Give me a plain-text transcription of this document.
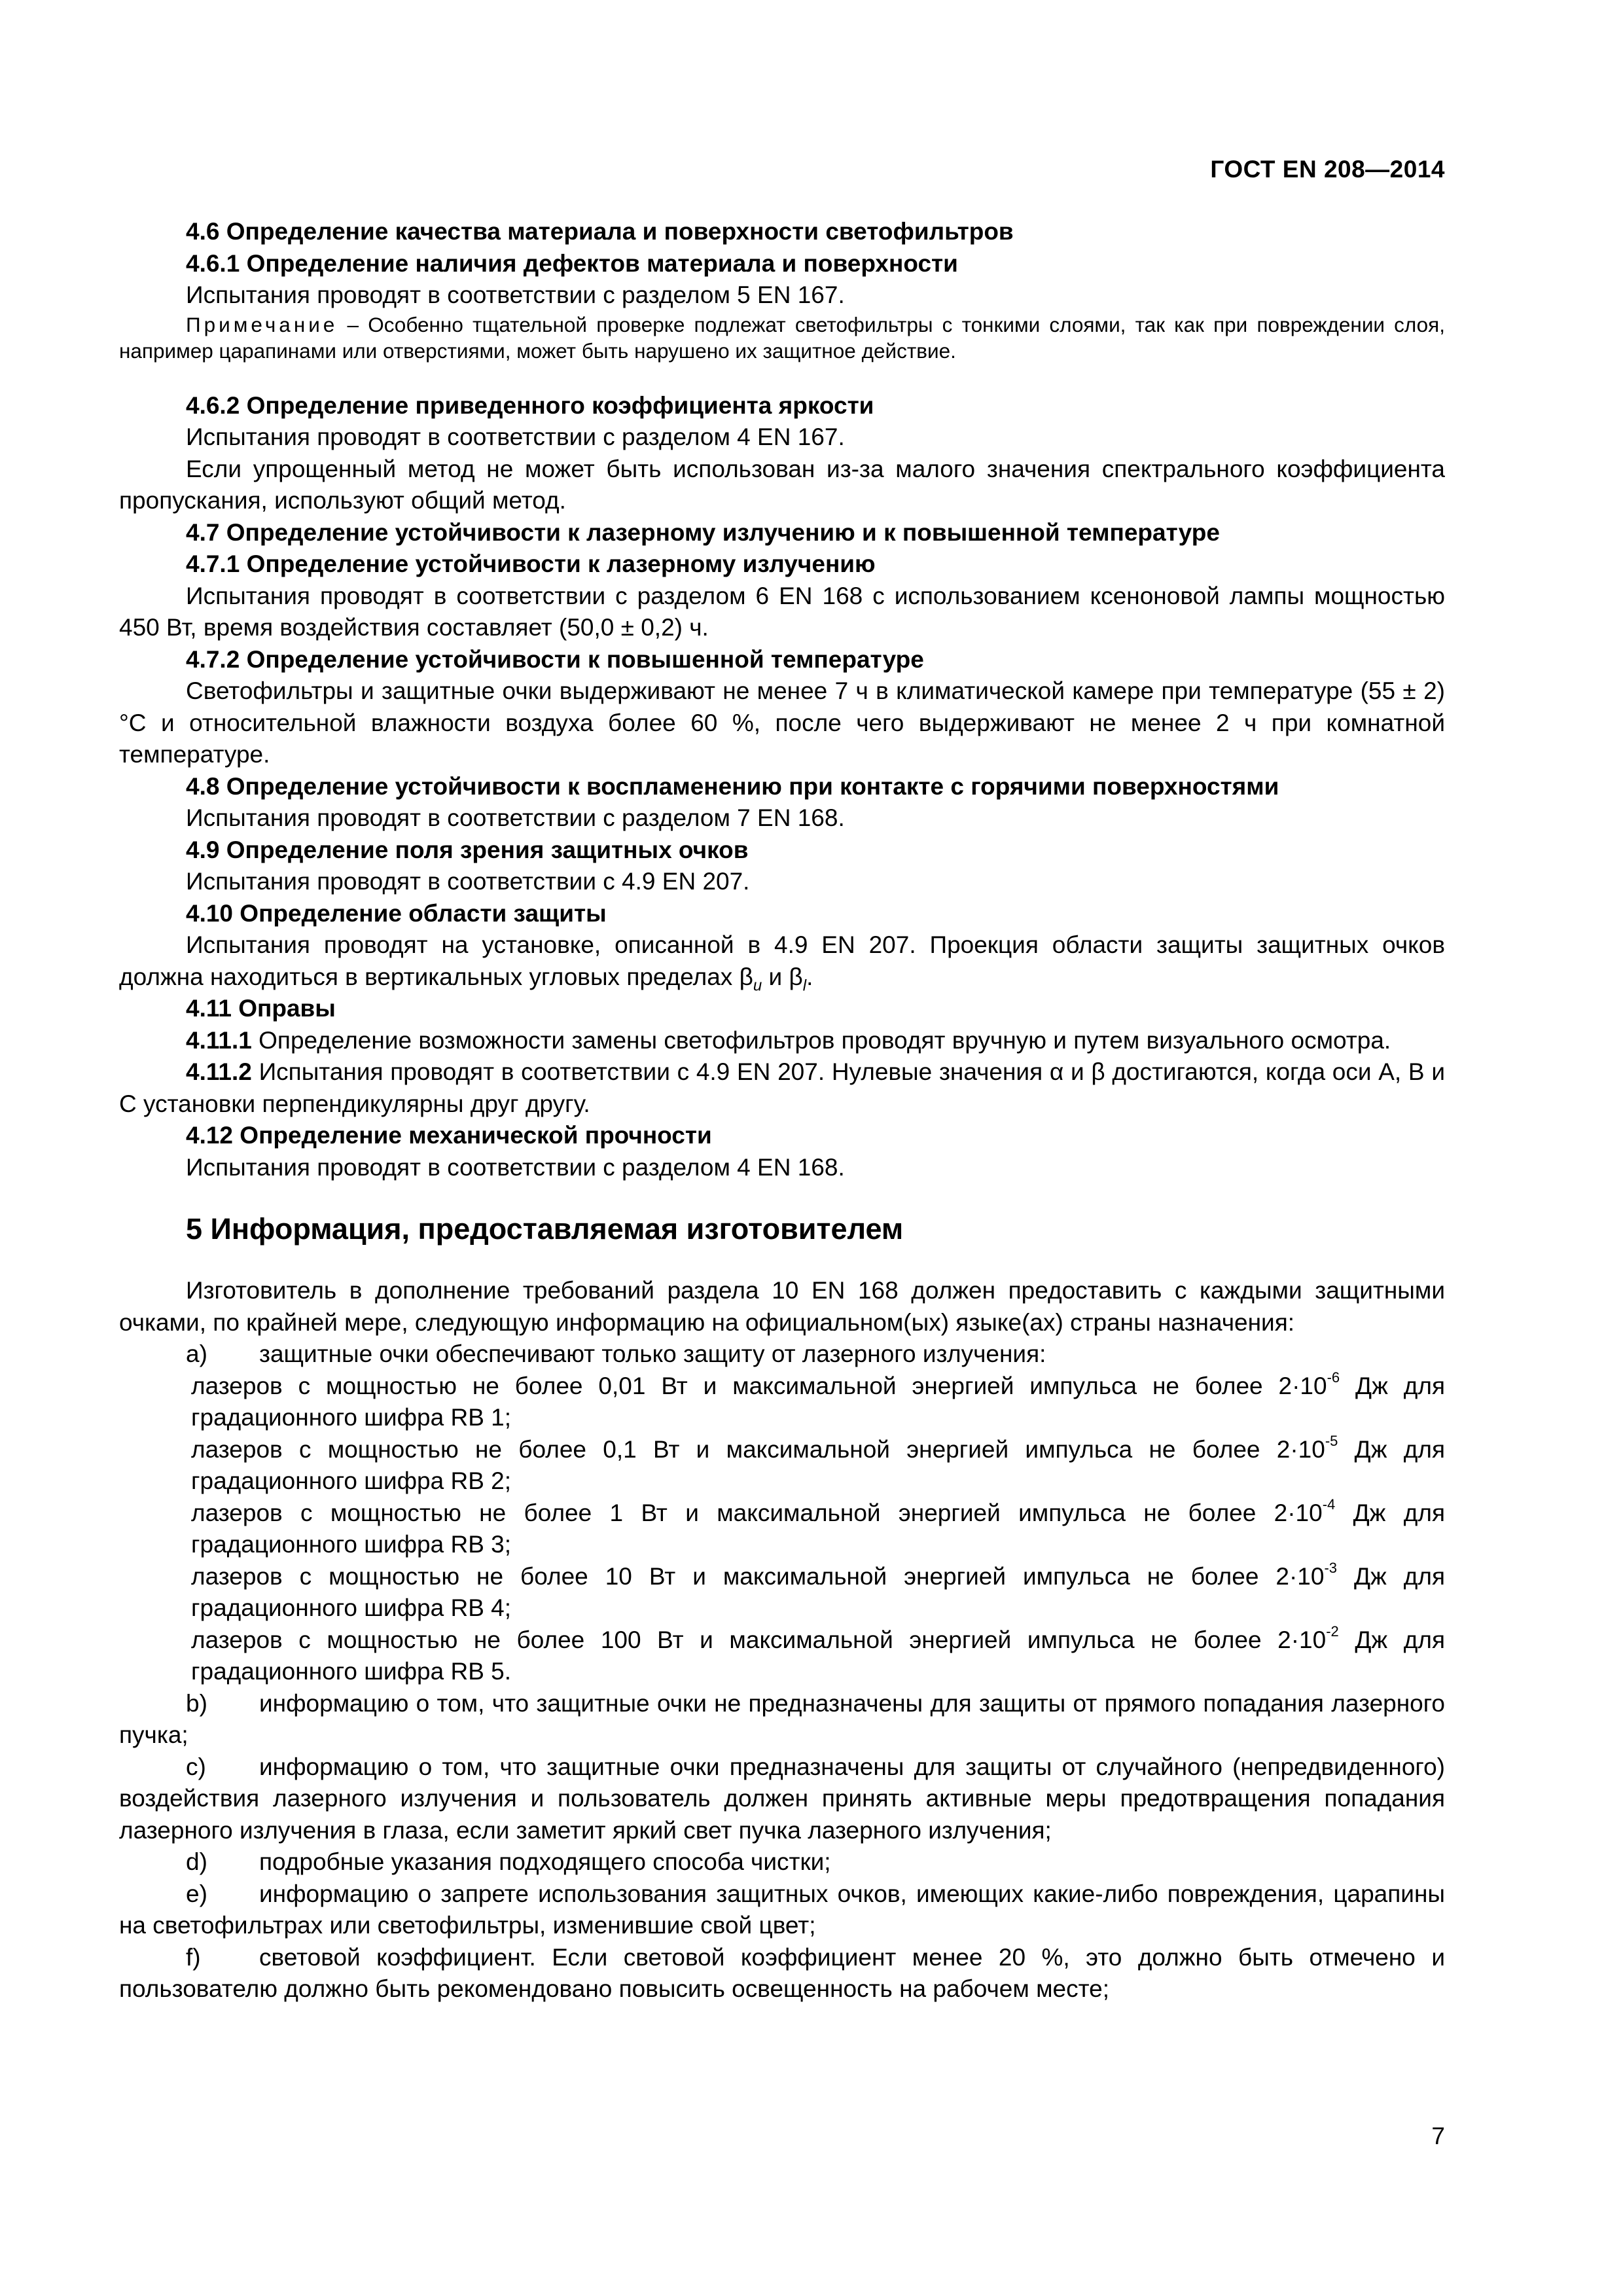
ГОСТ EN 208—2014

4.6 Определение качества материала и поверхности светофильтров

4.6.1 Определение наличия дефектов материала и поверхности

Испытания проводят в соответствии с разделом 5 EN 167.

Примечание – Особенно тщательной проверке подлежат светофильтры с тонкими слоями, так как при повреждении слоя, например царапинами или отверстиями, может быть нарушено их защитное действие.

4.6.2 Определение приведенного коэффициента яркости

Испытания проводят в соответствии с разделом 4 EN 167.

Если упрощенный метод не может быть использован из-за малого значения спектрального коэффициента пропускания, используют общий метод.

4.7 Определение устойчивости к лазерному излучению и к повышенной температуре

4.7.1 Определение устойчивости к лазерному излучению

Испытания проводят в соответствии с разделом 6 EN 168 с использованием ксеноновой лампы мощностью 450 Вт, время воздействия составляет (50,0 ± 0,2) ч.

4.7.2 Определение устойчивости к повышенной температуре

Светофильтры и защитные очки выдерживают не менее 7 ч в климатической камере при температуре (55 ± 2) °С и относительной влажности воздуха более 60 %, после чего выдерживают не менее 2 ч при комнатной температуре.

4.8 Определение устойчивости к воспламенению при контакте с горячими поверхностями

Испытания проводят в соответствии с разделом 7 EN 168.

4.9 Определение поля зрения защитных очков

Испытания проводят в соответствии с 4.9 EN 207.

4.10 Определение области защиты

Испытания проводят на установке, описанной в 4.9 EN 207. Проекция области защиты защитных очков должна находиться в вертикальных угловых пределах $\beta_u$ и $\beta_l$.

4.11 Оправы

4.11.1 Определение возможности замены светофильтров проводят вручную и путем визуального осмотра.

4.11.2 Испытания проводят в соответствии с 4.9 EN 207. Нулевые значения α и β достигаются, когда оси А, В и С установки перпендикулярны друг другу.

4.12 Определение механической прочности

Испытания проводят в соответствии с разделом 4 EN 168.

5 Информация, предоставляемая изготовителем

Изготовитель в дополнение требований раздела 10 EN 168 должен предоставить с каждыми защитными очками, по крайней мере, следующую информацию на официальном(ых) языке(ах) страны назначения:

a) защитные очки обеспечивают только защиту от лазерного излучения:

лазеров с мощностью не более 0,01 Вт и максимальной энергией импульса не более $2\cdot 10^{-6}$ Дж для градационного шифра RB 1;

лазеров с мощностью не более 0,1 Вт и максимальной энергией импульса не более $2\cdot 10^{-5}$ Дж для градационного шифра RB 2;

лазеров с мощностью не более 1 Вт и максимальной энергией импульса не более $2\cdot 10^{-4}$ Дж для градационного шифра RB 3;

лазеров с мощностью не более 10 Вт и максимальной энергией импульса не более $2\cdot 10^{-3}$ Дж для градационного шифра RB 4;

лазеров с мощностью не более 100 Вт и максимальной энергией импульса не более $2\cdot 10^{-2}$ Дж для градационного шифра RB 5.

b) информацию о том, что защитные очки не предназначены для защиты от прямого попадания лазерного пучка;

c) информацию о том, что защитные очки предназначены для защиты от случайного (непредвиденного) воздействия лазерного излучения и пользователь должен принять активные меры предотвращения попадания лазерного излучения в глаза, если заметит яркий свет пучка лазерного излучения;

d) подробные указания подходящего способа чистки;

e) информацию о запрете использования защитных очков, имеющих какие-либо повреждения, царапины на светофильтрах или светофильтры, изменившие свой цвет;

f) световой коэффициент. Если световой коэффициент менее 20 %, это должно быть отмечено и пользователю должно быть рекомендовано повысить освещенность на рабочем месте;

7
